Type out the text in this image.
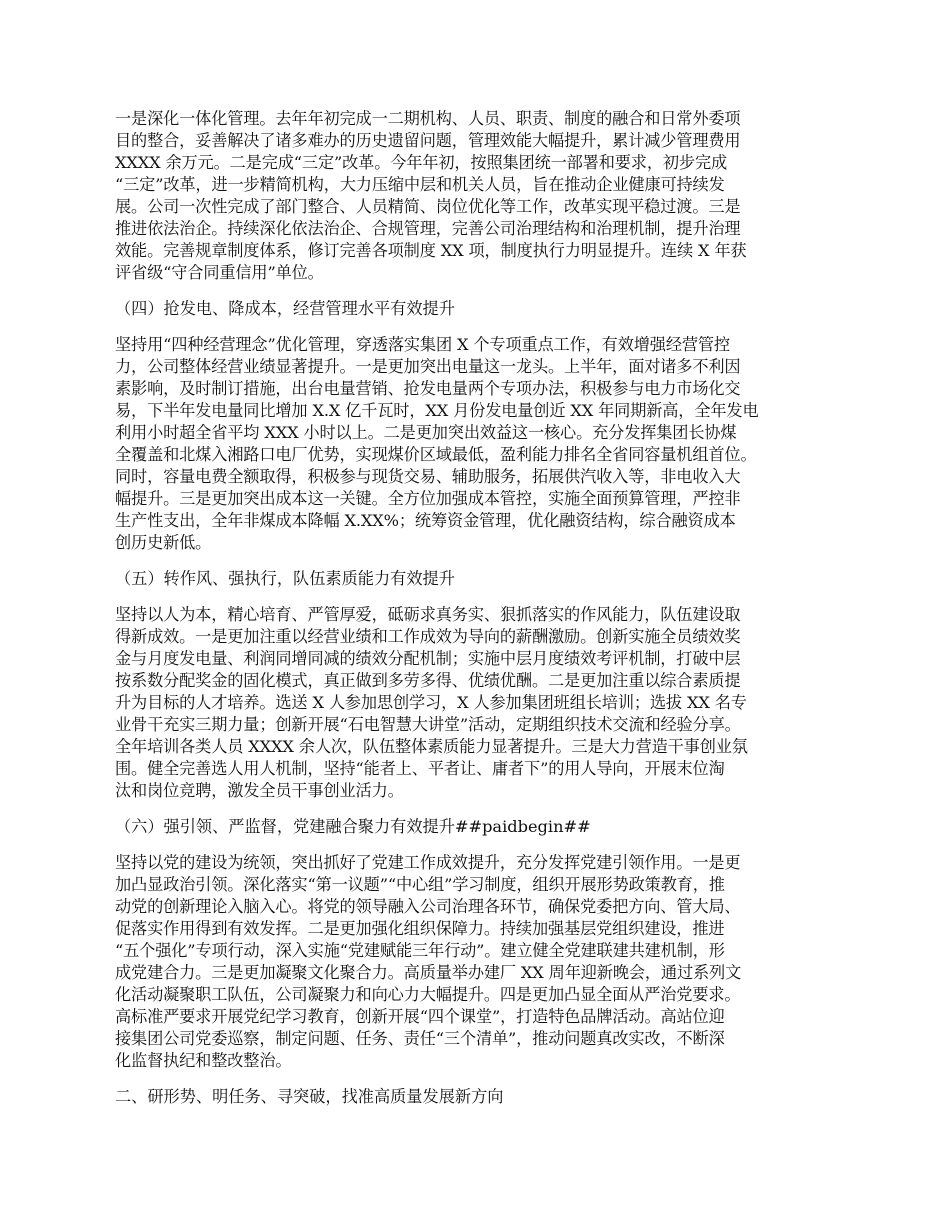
一是深化一体化管理。去年年初完成一二期机构、人员、职责、制度的融合和日常外委项
目的整合，妥善解决了诸多难办的历史遗留问题，管理效能大幅提升，累计减少管理费用
XXXX 余万元。二是完成“三定”改革。今年年初，按照集团统一部署和要求，初步完成
“三定”改革，进一步精简机构，大力压缩中层和机关人员，旨在推动企业健康可持续发
展。公司一次性完成了部门整合、人员精简、岗位优化等工作，改革实现平稳过渡。三是
推进依法治企。持续深化依法治企、合规管理，完善公司治理结构和治理机制，提升治理
效能。完善规章制度体系，修订完善各项制度 XX 项，制度执行力明显提升。连续 X 年获
评省级“守合同重信用”单位。

（四）抢发电、降成本，经营管理水平有效提升

坚持用“四种经营理念”优化管理，穿透落实集团 X 个专项重点工作，有效增强经营管控
力，公司整体经营业绩显著提升。一是更加突出电量这一龙头。上半年，面对诸多不利因
素影响，及时制订措施，出台电量营销、抢发电量两个专项办法，积极参与电力市场化交
易，下半年发电量同比增加 X.X 亿千瓦时，XX 月份发电量创近 XX 年同期新高，全年发电
利用小时超全省平均 XXX 小时以上。二是更加突出效益这一核心。充分发挥集团长协煤
全覆盖和北煤入湘路口电厂优势，实现煤价区域最低，盈利能力排名全省同容量机组首位。
同时，容量电费全额取得，积极参与现货交易、辅助服务，拓展供汽收入等，非电收入大
幅提升。三是更加突出成本这一关键。全方位加强成本管控，实施全面预算管理，严控非
生产性支出，全年非煤成本降幅 X.XX%；统筹资金管理，优化融资结构，综合融资成本
创历史新低。

（五）转作风、强执行，队伍素质能力有效提升

坚持以人为本，精心培育、严管厚爱，砥砺求真务实、狠抓落实的作风能力，队伍建设取
得新成效。一是更加注重以经营业绩和工作成效为导向的薪酬激励。创新实施全员绩效奖
金与月度发电量、利润同增同减的绩效分配机制；实施中层月度绩效考评机制，打破中层
按系数分配奖金的固化模式，真正做到多劳多得、优绩优酬。二是更加注重以综合素质提
升为目标的人才培养。选送 X 人参加思创学习，X 人参加集团班组长培训；选拔 XX 名专
业骨干充实三期力量；创新开展“石电智慧大讲堂”活动，定期组织技术交流和经验分享。
全年培训各类人员 XXXX 余人次，队伍整体素质能力显著提升。三是大力营造干事创业氛
围。健全完善选人用人机制，坚持“能者上、平者让、庸者下”的用人导向，开展末位淘
汰和岗位竞聘，激发全员干事创业活力。

（六）强引领、严监督，党建融合聚力有效提升##paidbegin##

坚持以党的建设为统领，突出抓好了党建工作成效提升，充分发挥党建引领作用。一是更
加凸显政治引领。深化落实“第一议题”“中心组”学习制度，组织开展形势政策教育，推
动党的创新理论入脑入心。将党的领导融入公司治理各环节，确保党委把方向、管大局、
促落实作用得到有效发挥。二是更加强化组织保障力。持续加强基层党组织建设，推进
“五个强化”专项行动，深入实施“党建赋能三年行动”。建立健全党建联建共建机制，形
成党建合力。三是更加凝聚文化聚合力。高质量举办建厂 XX 周年迎新晚会，通过系列文
化活动凝聚职工队伍，公司凝聚力和向心力大幅提升。四是更加凸显全面从严治党要求。
高标准严要求开展党纪学习教育，创新开展“四个课堂”，打造特色品牌活动。高站位迎
接集团公司党委巡察，制定问题、任务、责任“三个清单”，推动问题真改实改，不断深
化监督执纪和整改整治。

二、研形势、明任务、寻突破，找准高质量发展新方向
